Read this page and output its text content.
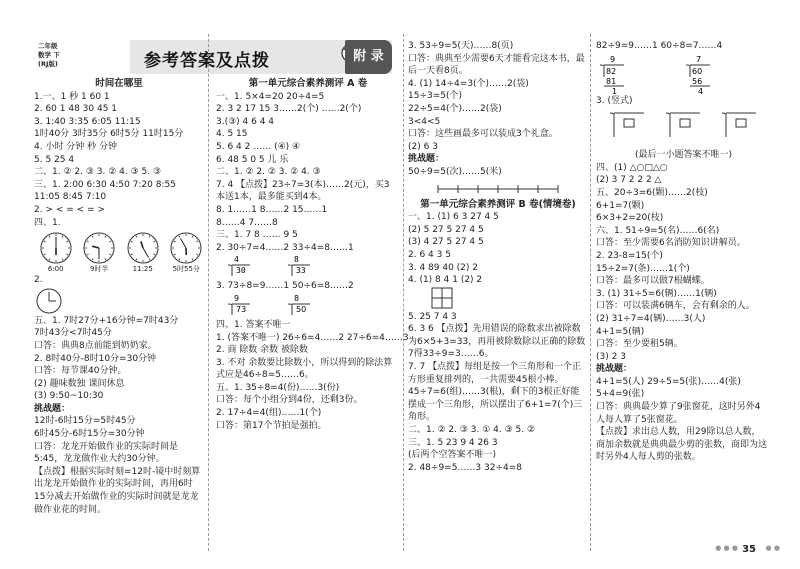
二年级
数学 下
(RJ版)	参考答案及点拨	附 录

时间在哪里

1.一、1 秒 1 60 1

2. 60 1 48 30 45 1

3. 1:40 3:35 6:05 11:15

1时40分 3时35分 6时5分 11时15分

4. 小时 分钟 秒 分钟

5. 5 25 4

二、1. ② 2. ③ 3. ② 4. ③ 5. ③

三、1. 2:00 6:30 4:50 7:20 8:55

11:05 8:45 7:10

2. > < = < = >

四、1.

6:00	9时半	11:25	5时55分

2.

五、1. 7时27分+16分钟=7时43分

7时43分<7时45分

口答：典典8点前能到奶奶家。

2. 8时40分-8时10分=30分钟

口答：每节课40分钟。

(2) 趣味数独 课间休息

(3) 9:50~10:30

挑战题：

12时-6时15分=5时45分

6时45分-6时15分=30分钟

口答：龙龙开始做作业的实际时间是5:45，龙龙做作业大约30分钟。

【点拨】根据实际时刻=12时-镜中时刻算出龙龙开始做作业的实际时间，再用6时15分减去开始做作业的实际时间就是龙龙做作业花的时间。

第一单元综合素养测评 A 卷

一、1. 5×4=20 20÷4=5

2. 3 2 17 15 3……2(个) ……2(个)

3.(③) 4 6 4 4

4. 5 15

5. 6 4 2 …… (④) ④

6. 48 5 0 5 儿 乐

二、1. ② 2. ② 3. ② 4. ③

7. 4 【点拨】23÷7=3(本)……2(元)，买3本送1本，最多能买到4本。

8. 1……1 8……2 15……1

8……4 7……8

三、1. 7 8 …… 9 5

2. 30÷7=4……2 33÷4=8……1

4
30
8
33

3. 73÷8=9……1 50÷6=8……2

9
73
8
50

四、1. 答案不唯一

1. (答案不唯一) 26÷6=4……2 27÷6=4……3

2. 商 除数 余数 被除数

3. 不对 余数要比除数小，所以得到的除法算式应是46÷8=5……6。

五、1. 35÷8=4(份)……3(份)

口答：每个小组分到4份，还剩3份。

2. 17÷4=4(组)……1(个)

口答：第17个节拍是强拍。

3. 53÷9=5(天)……8(页)

口答：典典至少需要6天才能看完这本书，最后一天看8页。

4. (1) 14÷4=3(个)……2(袋)

15÷3=5(个)

22÷5=4(个)……2(袋)

3<4<5

口答：这些画最多可以装成3个礼盒。

(2) 6 3

挑战题：

50÷9=5(次)……5(米)

第一单元综合素养测评 B 卷(情境卷)

一、1. (1) 6 3 27 4 5

(2) 5 27 5 27 4 5

(3) 4 27 5 27 4 5

2. 6 4 3 5

3. 4 89 40 (2) 2

4. (1) 8 4 1 (2) 2

5. 25 7 4 3

6. 3 6 【点拨】先用错误的除数求出被除数为6×5+3=33，再用被除数除以正确的除数7得33÷9=3……6。

7. 7 【点拨】每组是按一个三角形和一个正方形重复排列的，一共需要45根小棒。45÷7=6(组)……3(根)，剩下的3根正好能摆成一个三角形，所以摆出了6+1=7(个)三角形。

二、1. ② 2. ③ 3. ① 4. ③ 5. ②

三、1. 5 23 9 4 26 3

(后两个空答案不唯一)

2. 48÷9=5……3 32÷4=8

82÷9=9……1 60÷8=7……4

9
82
81
1
7
60
56
4

3. (竖式)

(最后一小题答案不唯一)

四、(1) △○□△○

(2) 3 7 2 2 2 △

五、20÷3=6(颗)……2(枝)

6+1=7(颗)

6×3+2=20(枝)

六、1. 51÷9=5(名)……6(名)

口答：至少需要6名消防知识讲解员。

2. 23-8=15(个)

15÷2=7(条)……1(个)

口答：最多可以做7根蝴蝶。

3. (1) 31÷5=6(辆)……1(辆)

口答：可以装满6辆车，会有剩余的人。

(2) 31÷7=4(辆)……3(人)

4+1=5(辆)

口答：至少要租5辆。

(3) 2 3

挑战题：

4+1=5(人) 29÷5=5(张)……4(张)

5+4=9(张)

口答：典典最少算了9张窗花，这时另外4人每人算了5张窗花。

【点拨】求出总人数，用29除以总人数，商加余数就是典典最少剪的张数，商即为这时另外4人每人剪的张数。

● ● ● 35 ● ●
